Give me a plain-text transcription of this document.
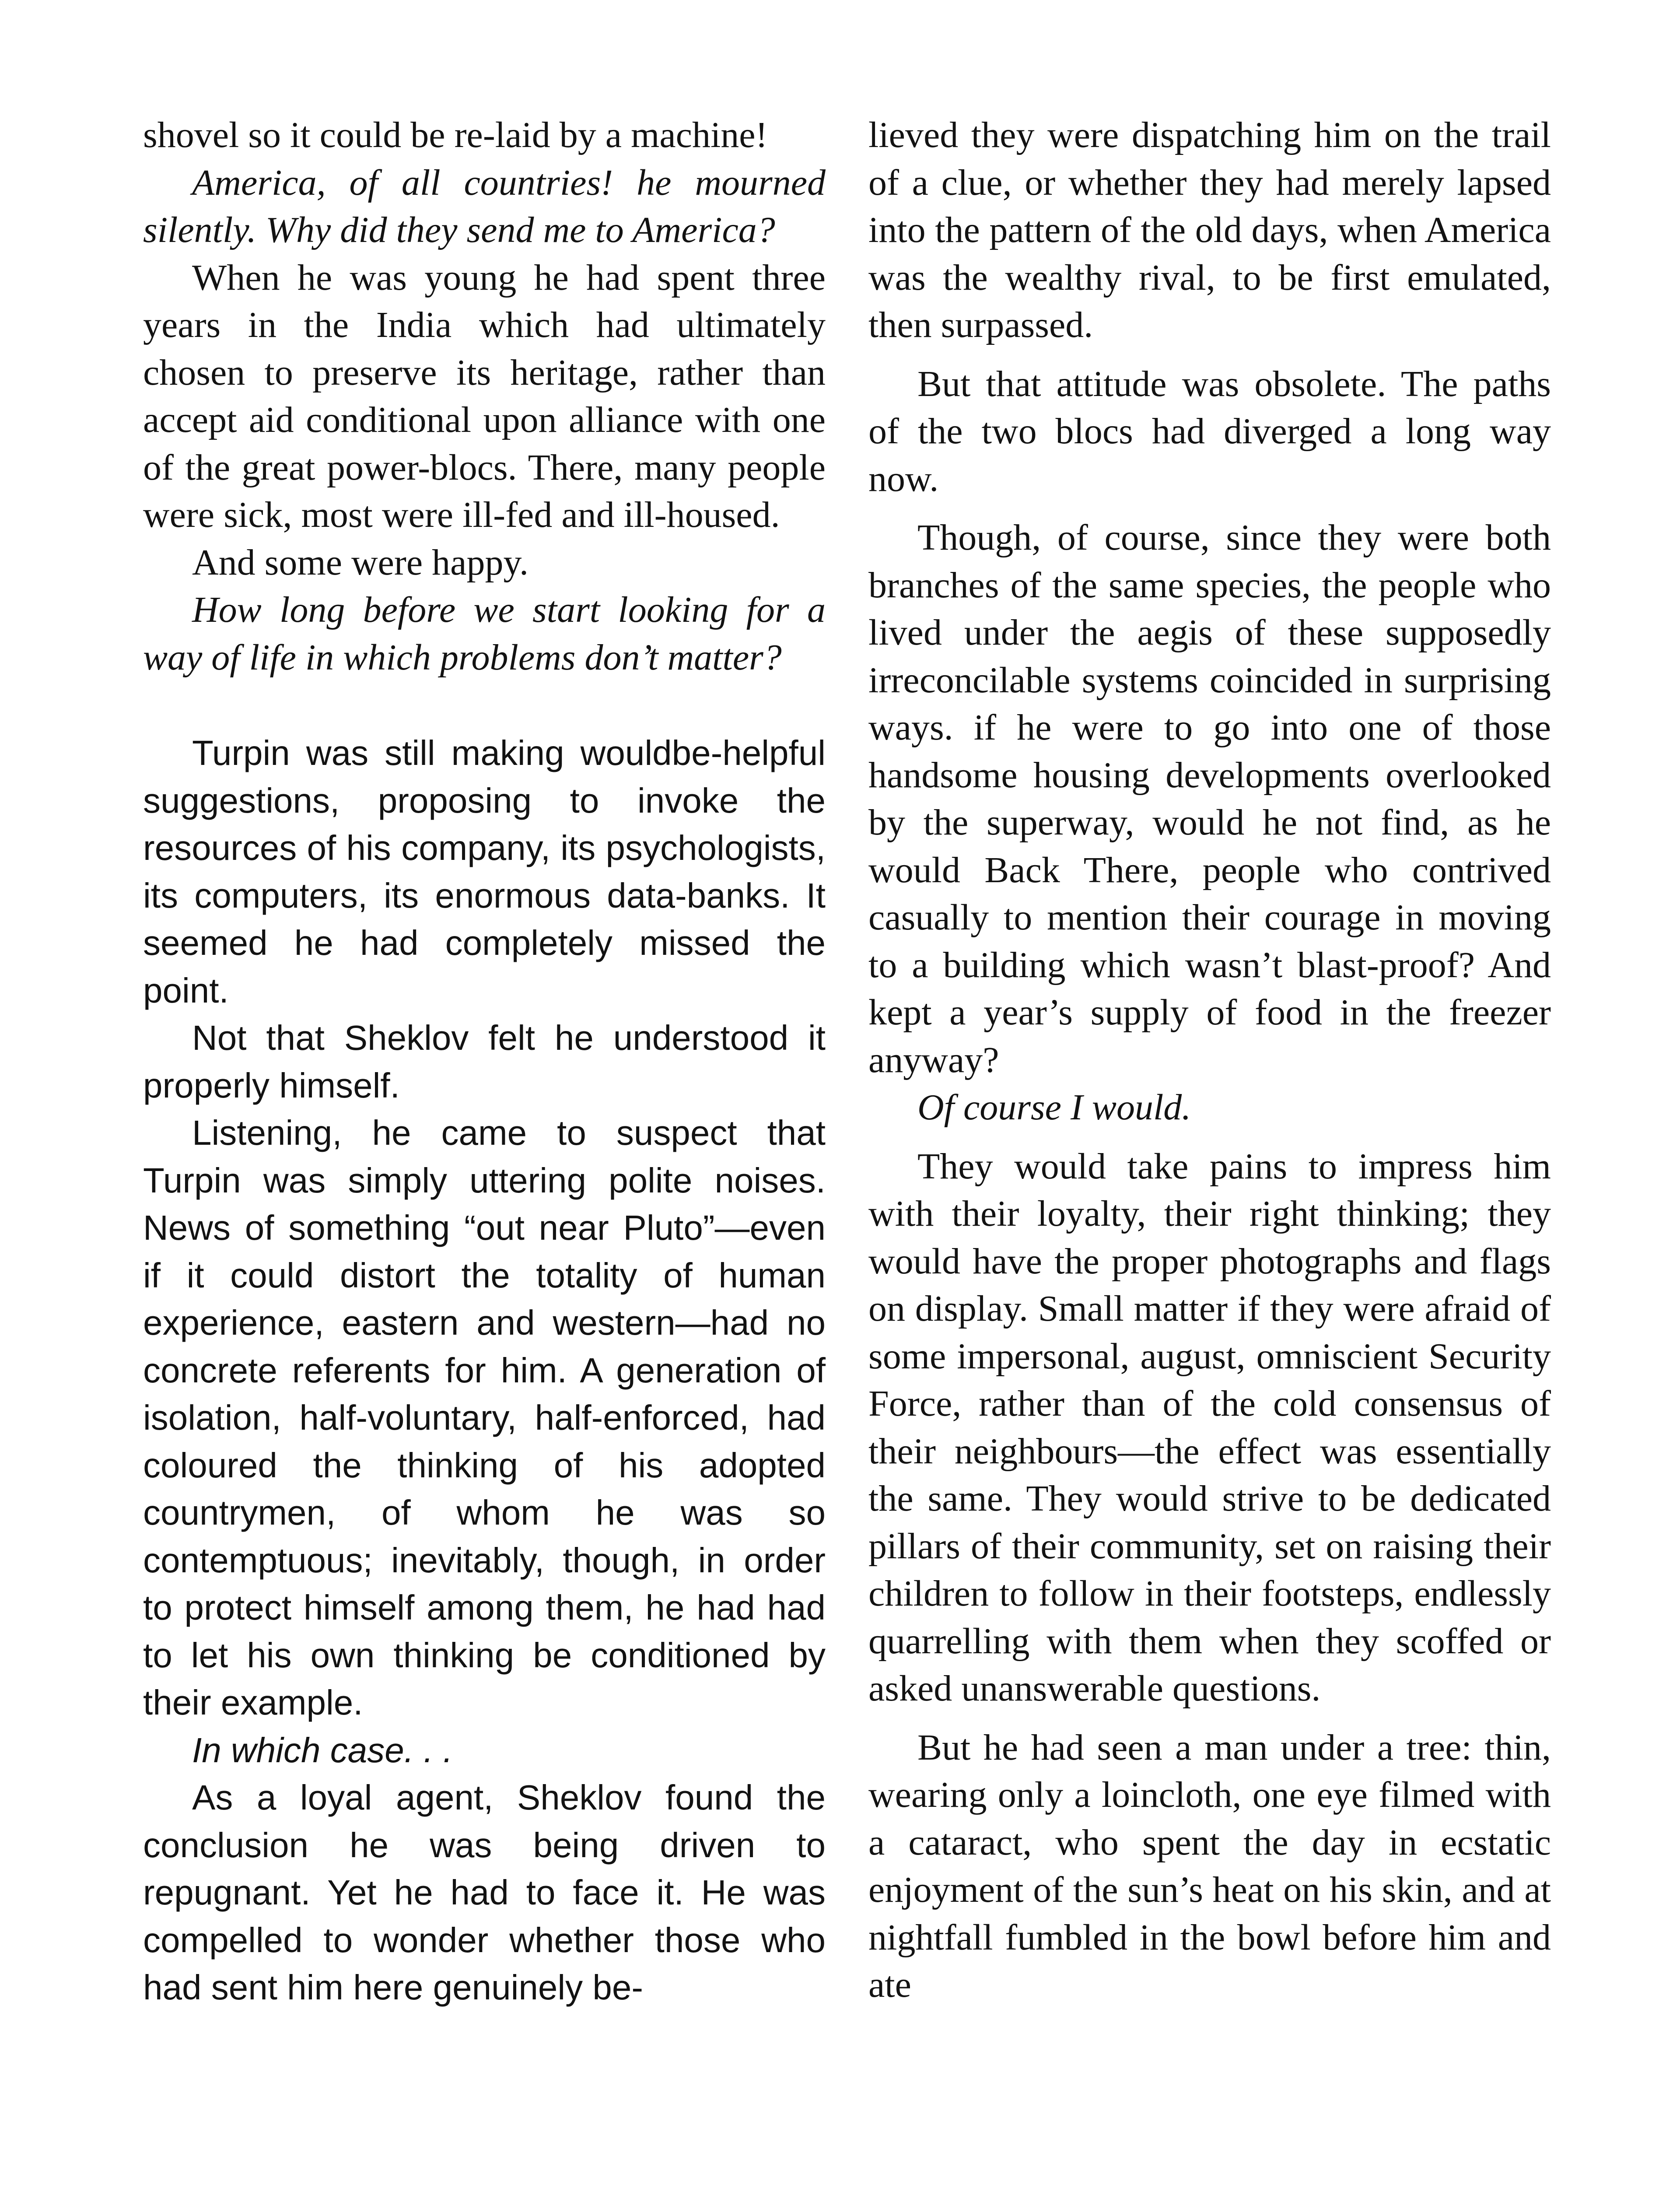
shovel so it could be re-laid by a machine!

America, of all countries! he mourned silently. Why did they send me to America?

When he was young he had spent three years in the India which had ultimately chosen to preserve its heritage, rather than accept aid conditional upon alliance with one of the great power-blocs. There, many people were sick, most were ill-fed and ill-housed.

And some were happy.

How long before we start looking for a way of life in which problems don’t matter?

Turpin was still making wouldbe-helpful suggestions, proposing to invoke the resources of his company, its psychologists, its computers, its enormous data-banks. It seemed he had completely missed the point.

Not that Sheklov felt he understood it properly himself.

Listening, he came to suspect that Turpin was simply uttering polite noises. News of something “out near Pluto”—even if it could distort the totality of human experience, eastern and western—had no concrete referents for him. A generation of isolation, half-voluntary, half-enforced, had coloured the thinking of his adopted countrymen, of whom he was so contemptuous; inevitably, though, in order to protect himself among them, he had had to let his own thinking be conditioned by their example.

In which case. . .

As a loyal agent, Sheklov found the conclusion he was being driven to repugnant. Yet he had to face it. He was compelled to wonder whether those who had sent him here genuinely be-

lieved they were dispatching him on the trail of a clue, or whether they had merely lapsed into the pattern of the old days, when America was the wealthy rival, to be first emulated, then surpassed.

But that attitude was obsolete. The paths of the two blocs had diverged a long way now.

Though, of course, since they were both branches of the same species, the people who lived under the aegis of these supposedly irreconcilable systems coincided in surprising ways. if he were to go into one of those handsome housing developments overlooked by the superway, would he not find, as he would Back There, people who contrived casually to mention their courage in moving to a building which wasn’t blast-proof? And kept a year’s supply of food in the freezer anyway?

Of course I would.

They would take pains to impress him with their loyalty, their right thinking; they would have the proper photographs and flags on display. Small matter if they were afraid of some impersonal, august, omniscient Security Force, rather than of the cold consensus of their neighbours—the effect was essentially the same. They would strive to be dedicated pillars of their community, set on raising their children to follow in their footsteps, endlessly quarrelling with them when they scoffed or asked unanswerable questions.

But he had seen a man under a tree: thin, wearing only a loincloth, one eye filmed with a cataract, who spent the day in ecstatic enjoyment of the sun’s heat on his skin, and at nightfall fumbled in the bowl before him and ate
